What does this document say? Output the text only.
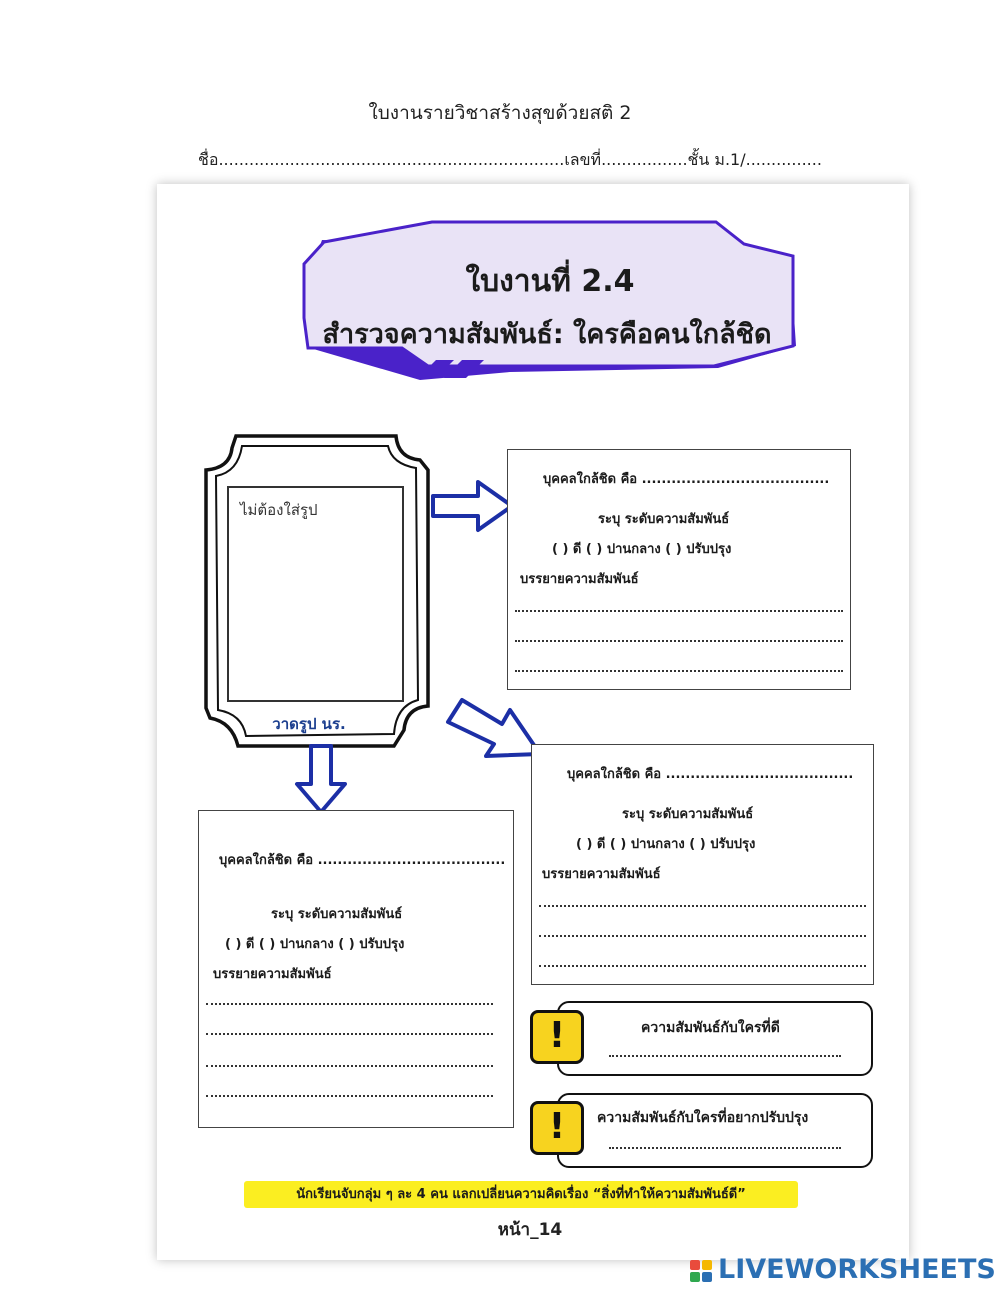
ใบงานรายวิชาสร้างสุขด้วยสติ 2
ชื่อ....................................................................เลขที่.................ชั้น ม.1/...............
ใบงานที่ 2.4
สำรวจความสัมพันธ์: ใครคือคนใกล้ชิด
ไม่ต้องใส่รูป
วาดรูป นร.
บุคคลใกล้ชิด คือ ......................................
ระบุ ระดับความสัมพันธ์
( ) ดี ( ) ปานกลาง ( ) ปรับปรุง
บรรยายความสัมพันธ์
บุคคลใกล้ชิด คือ ......................................
ระบุ ระดับความสัมพันธ์
( ) ดี ( ) ปานกลาง ( ) ปรับปรุง
บรรยายความสัมพันธ์
บุคคลใกล้ชิด คือ ......................................
ระบุ ระดับความสัมพันธ์
( ) ดี ( ) ปานกลาง ( ) ปรับปรุง
บรรยายความสัมพันธ์
ความสัมพันธ์กับใครที่ดี
!
ความสัมพันธ์กับใครที่อยากปรับปรุง
!
นักเรียนจับกลุ่ม ๆ ละ 4 คน แลกเปลี่ยนความคิดเรื่อง “สิ่งที่ทำให้ความสัมพันธ์ดี”
หน้า_14
LIVEWORKSHEETS
